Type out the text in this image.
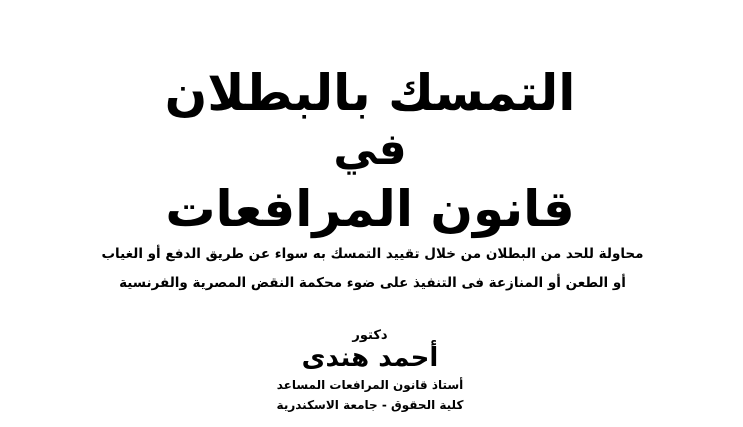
التمسك بالبطلان
في
قانون المرافعات
محاولة للحد من البطلان من خلال تقييد التمسك به سواء عن طريق الدفع أو الغياب
أو الطعن أو المنازعة فى التنفيذ على ضوء محكمة النقض المصرية والفرنسية
دكتور
أحمد هندى
أستاذ قانون المرافعات المساعد
كلية الحقوق - جامعة الاسكندرية
